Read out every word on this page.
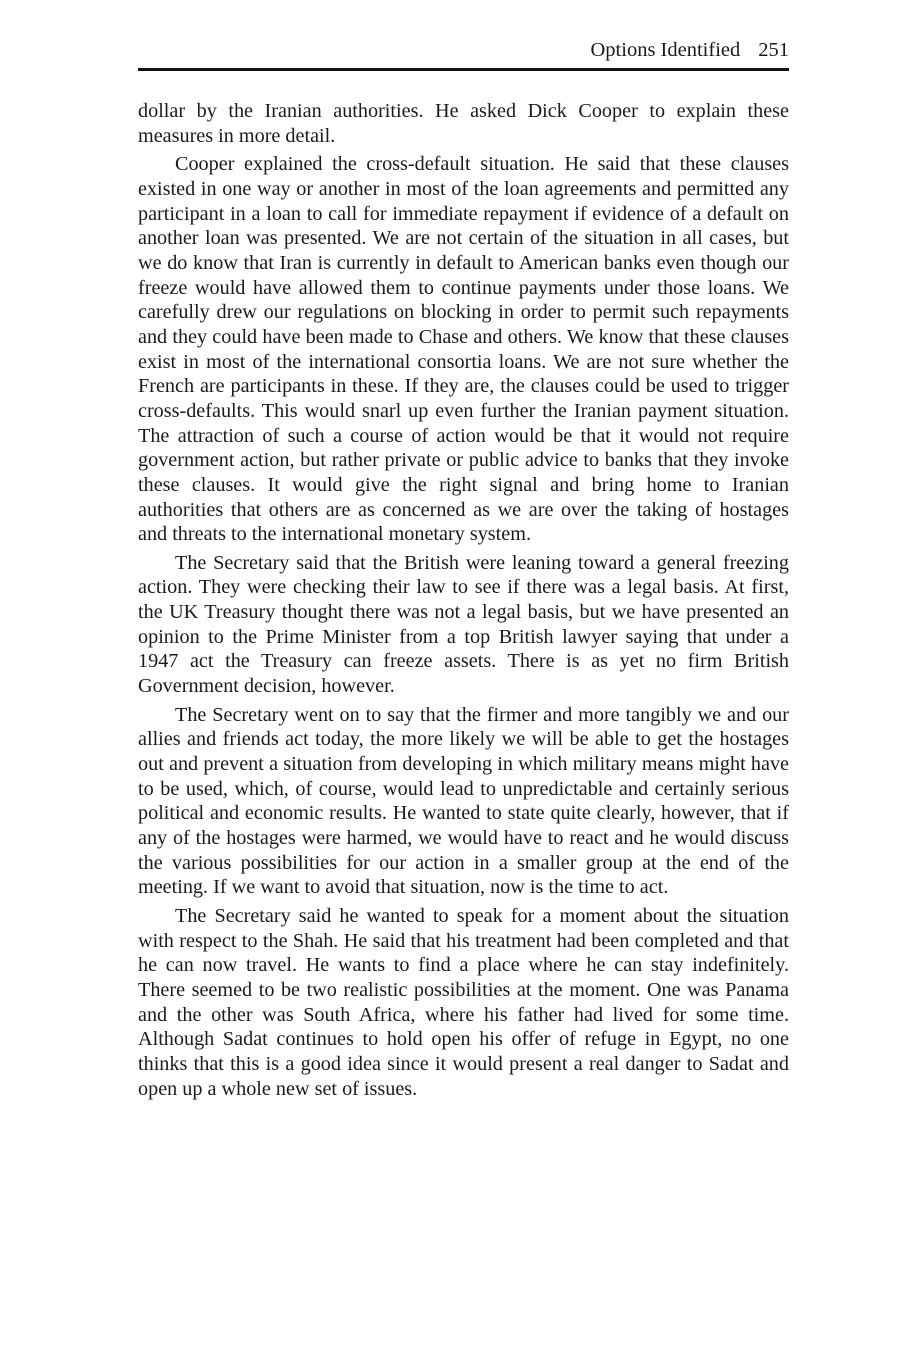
Options Identified 251

dollar by the Iranian authorities. He asked Dick Cooper to explain these measures in more detail.

Cooper explained the cross-default situation. He said that these clauses existed in one way or another in most of the loan agreements and permitted any participant in a loan to call for immediate repayment if evidence of a default on another loan was presented. We are not certain of the situation in all cases, but we do know that Iran is currently in default to American banks even though our freeze would have allowed them to continue payments under those loans. We carefully drew our regulations on blocking in order to permit such repayments and they could have been made to Chase and others. We know that these clauses exist in most of the international consortia loans. We are not sure whether the French are participants in these. If they are, the clauses could be used to trigger cross-defaults. This would snarl up even further the Iranian payment situation. The attraction of such a course of action would be that it would not require government action, but rather private or public advice to banks that they invoke these clauses. It would give the right signal and bring home to Iranian authorities that others are as concerned as we are over the taking of hostages and threats to the international monetary system.

The Secretary said that the British were leaning toward a general freezing action. They were checking their law to see if there was a legal basis. At first, the UK Treasury thought there was not a legal basis, but we have presented an opinion to the Prime Minister from a top British lawyer saying that under a 1947 act the Treasury can freeze assets. There is as yet no firm British Government decision, however.

The Secretary went on to say that the firmer and more tangibly we and our allies and friends act today, the more likely we will be able to get the hostages out and prevent a situation from developing in which military means might have to be used, which, of course, would lead to unpredictable and certainly serious political and economic results. He wanted to state quite clearly, however, that if any of the hostages were harmed, we would have to react and he would discuss the various possibilities for our action in a smaller group at the end of the meeting. If we want to avoid that situation, now is the time to act.

The Secretary said he wanted to speak for a moment about the situation with respect to the Shah. He said that his treatment had been completed and that he can now travel. He wants to find a place where he can stay indefinitely. There seemed to be two realistic possibilities at the moment. One was Panama and the other was South Africa, where his father had lived for some time. Although Sadat continues to hold open his offer of refuge in Egypt, no one thinks that this is a good idea since it would present a real danger to Sadat and open up a whole new set of issues.
